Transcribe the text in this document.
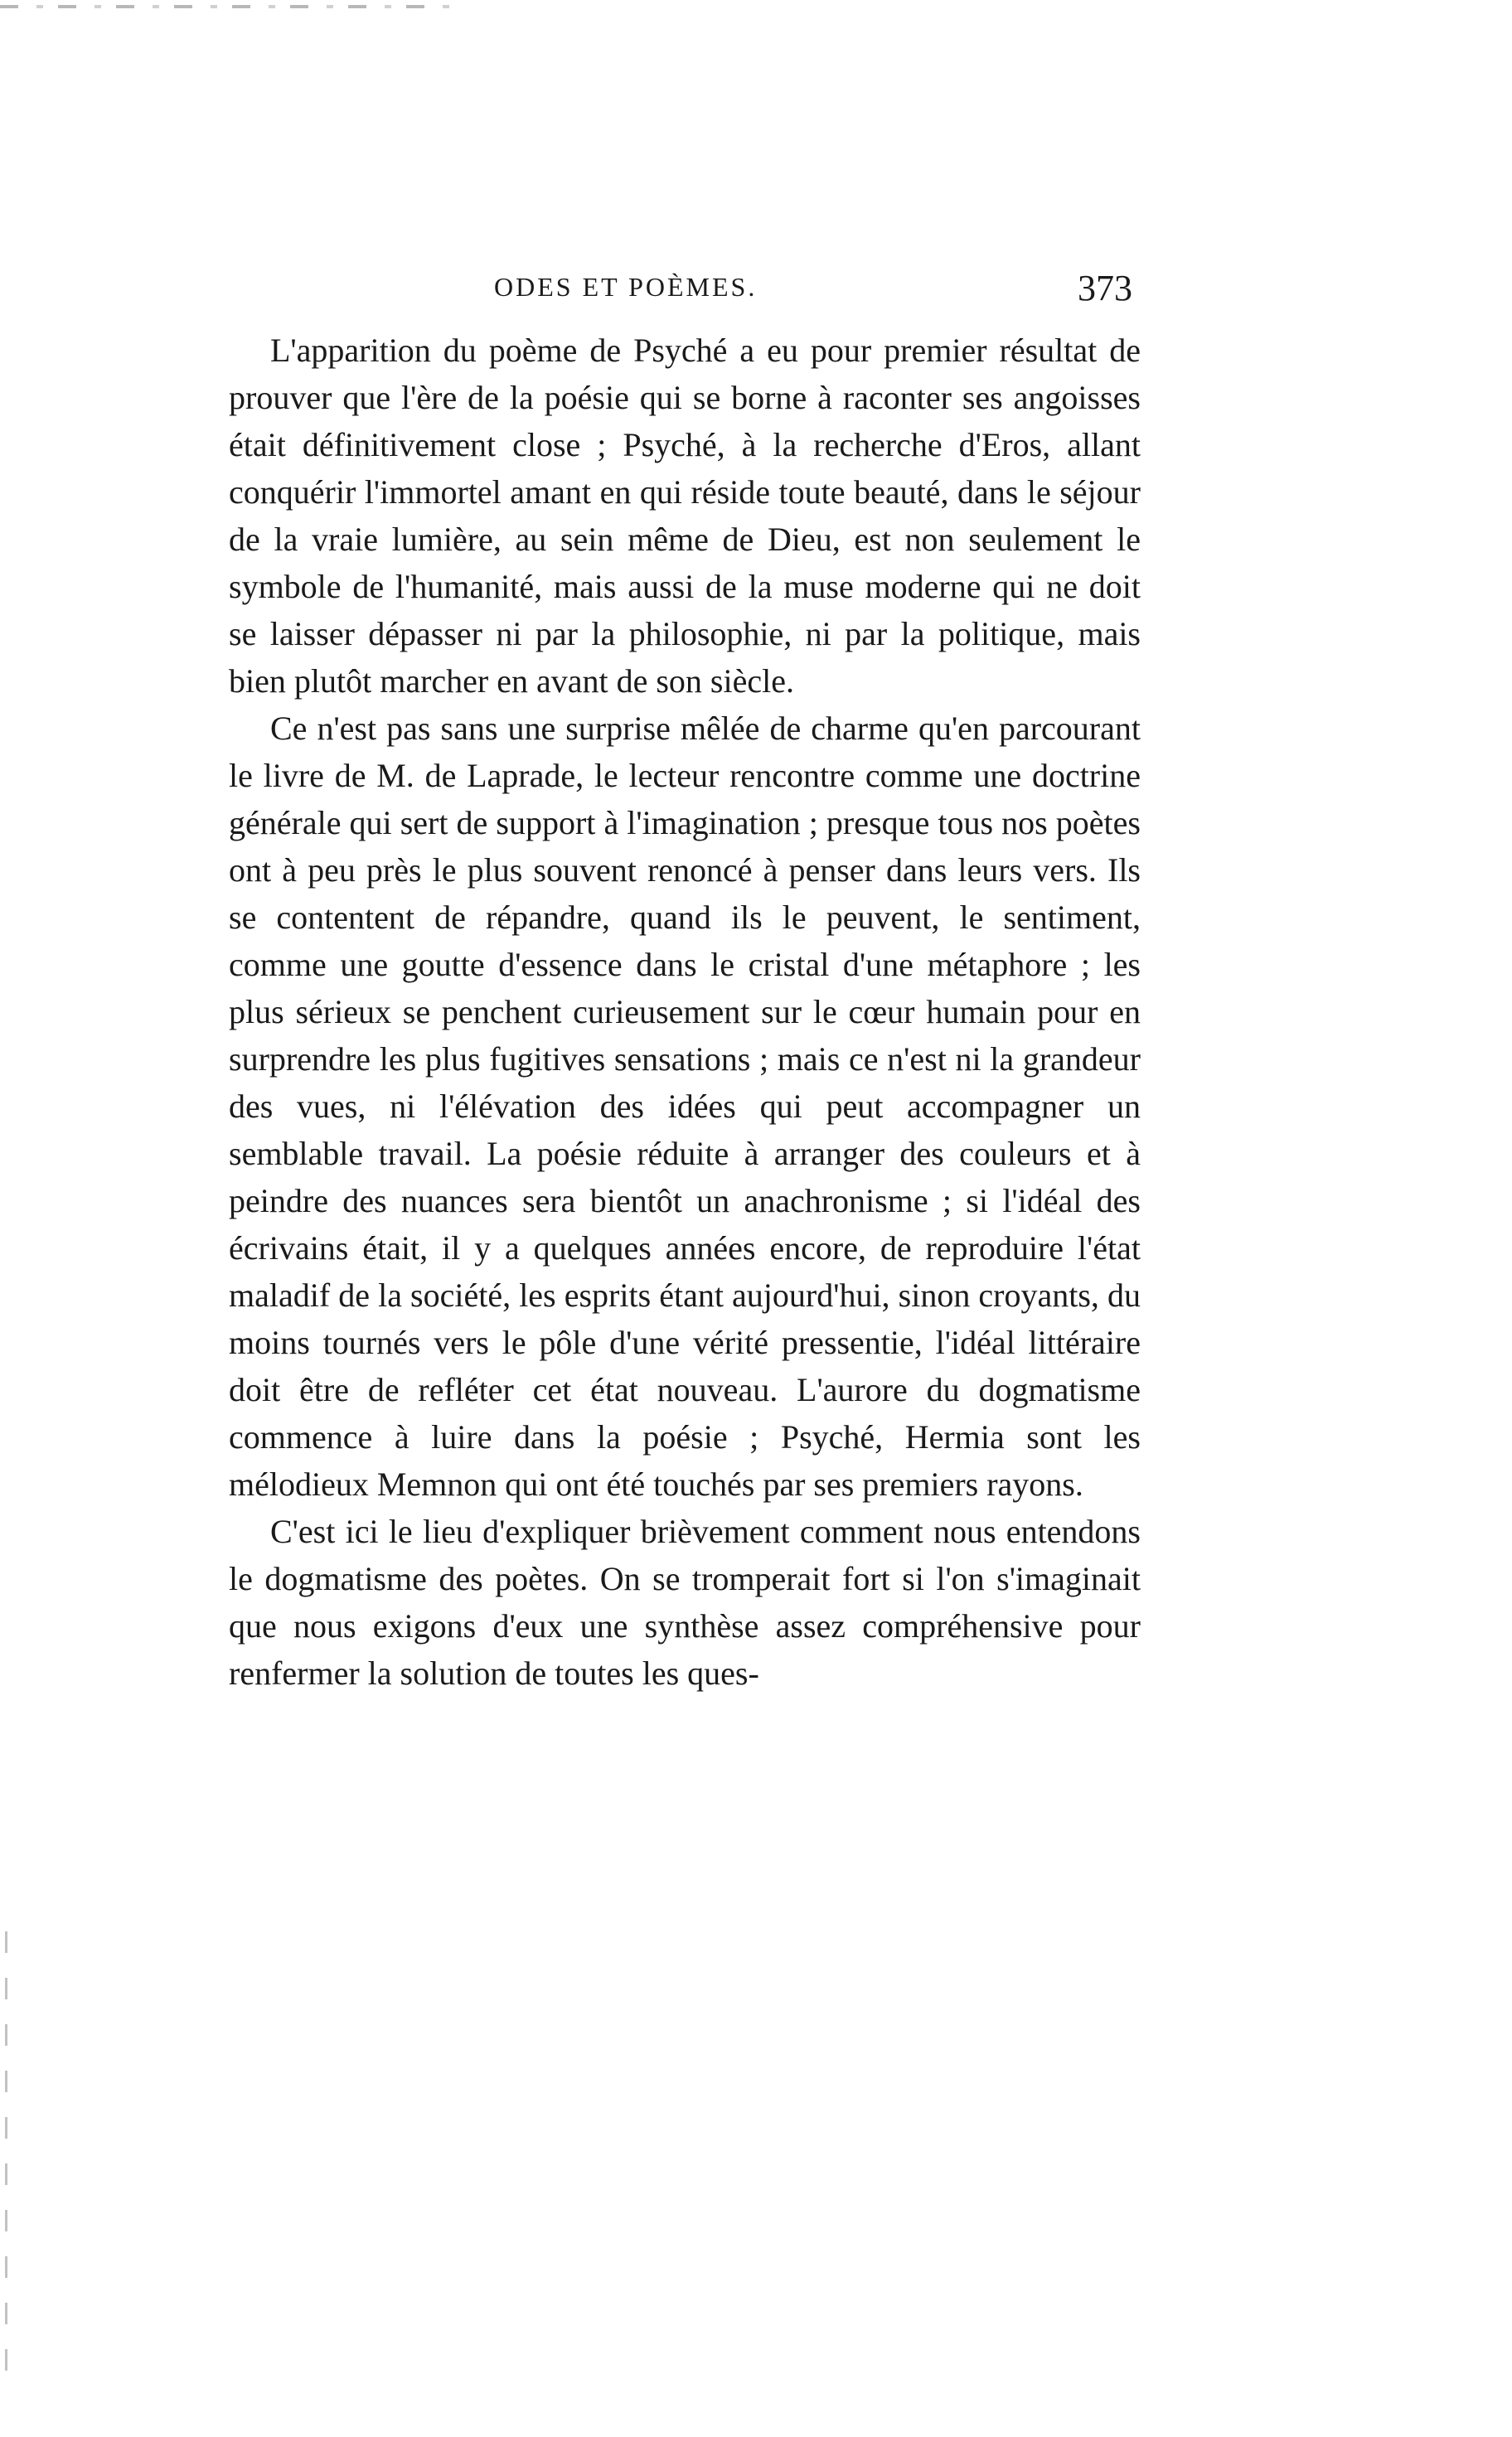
ODES ET POÈMES.	373

L'apparition du poème de Psyché a eu pour premier résultat de prouver que l'ère de la poésie qui se borne à raconter ses angoisses était définitivement close ; Psyché, à la recherche d'Eros, allant conquérir l'immortel amant en qui réside toute beauté, dans le séjour de la vraie lumière, au sein même de Dieu, est non seulement le symbole de l'humanité, mais aussi de la muse moderne qui ne doit se laisser dépasser ni par la philosophie, ni par la politique, mais bien plutôt marcher en avant de son siècle.

Ce n'est pas sans une surprise mêlée de charme qu'en parcourant le livre de M. de Laprade, le lecteur rencontre comme une doctrine générale qui sert de support à l'imagination ; presque tous nos poètes ont à peu près le plus souvent renoncé à penser dans leurs vers. Ils se contentent de répandre, quand ils le peuvent, le sentiment, comme une goutte d'essence dans le cristal d'une métaphore ; les plus sérieux se penchent curieusement sur le cœur humain pour en surprendre les plus fugitives sensations ; mais ce n'est ni la grandeur des vues, ni l'élévation des idées qui peut accompagner un semblable travail. La poésie réduite à arranger des couleurs et à peindre des nuances sera bientôt un anachronisme ; si l'idéal des écrivains était, il y a quelques années encore, de reproduire l'état maladif de la société, les esprits étant aujourd'hui, sinon croyants, du moins tournés vers le pôle d'une vérité pressentie, l'idéal littéraire doit être de refléter cet état nouveau. L'aurore du dogmatisme commence à luire dans la poésie ; Psyché, Hermia sont les mélodieux Memnon qui ont été touchés par ses premiers rayons.

C'est ici le lieu d'expliquer brièvement comment nous entendons le dogmatisme des poètes. On se tromperait fort si l'on s'imaginait que nous exigons d'eux une synthèse assez compréhensive pour renfermer la solution de toutes les ques-
